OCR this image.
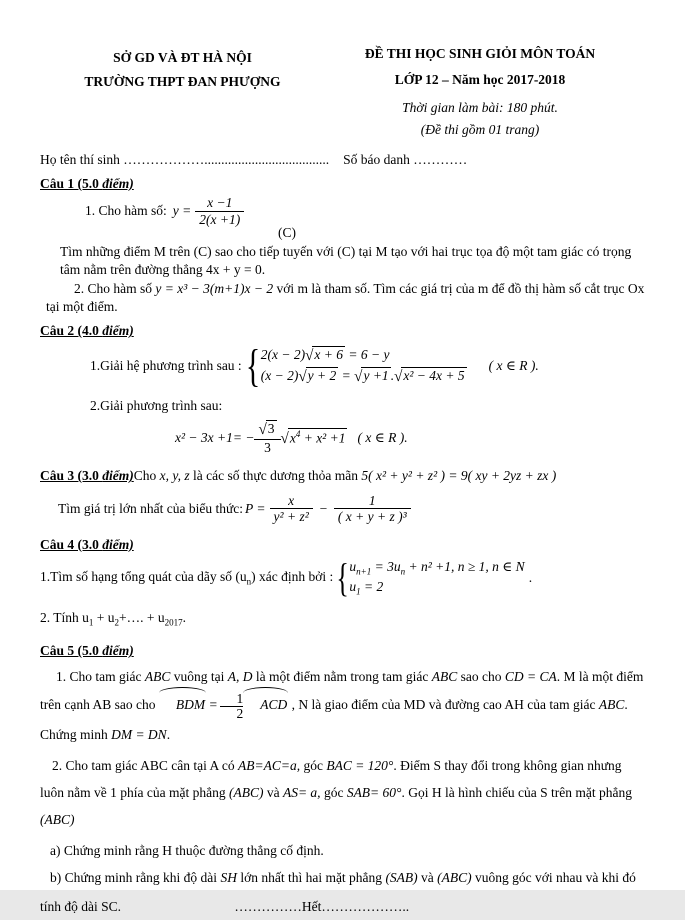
SỞ GD VÀ ĐT HÀ NỘI
TRƯỜNG THPT ĐAN PHƯỢNG
ĐỀ THI HỌC SINH GIỎI MÔN TOÁN
LỚP 12 – Năm học 2017-2018
Thời gian làm bài: 180 phút.
(Đề thi gồm 01 trang)
Họ tên thí sinh ………………..................................... Số báo danh …………
Câu 1 (5.0 điểm)
1. Cho hàm số: $y = \frac{x -1}{2(x +1)}$
(C)
Tìm những điểm M trên (C) sao cho tiếp tuyến với (C) tại M tạo với hai trục tọa độ một tam giác có trọng tâm nằm trên đường thẳng 4x + y = 0.
2. Cho hàm số y = x³ − 3(m+1)x − 2 với m là tham số. Tìm các giá trị của m để đồ thị hàm số cắt trục Ox tại một điểm.
Câu 2 (4.0 điểm)
1.Giải hệ phương trình sau : { 2(x − 2)√x + 6 = 6 − y
(x − 2)√y + 2 = √y +1 .√x² − 4x + 5
( x ∈ R ).
2.Giải phương trình sau:
$x^2 - 3x +1= - \frac{√3}{3} √x^4 + x^2 +1$ ( x ∈ R ).
Câu 3 (3.0 điểm)Cho x, y, z là các số thực dương thỏa mãn 5( x² + y² + z² ) = 9( xy + 2yz + zx )
Tìm giá trị lớn nhất của biểu thức: $P = \frac{x}{\text{y² + z²}} - \frac{1}{\text{( x + y + z )³}}$
Câu 4 (3.0 điểm)
1.Tìm số hạng tổng quát của dãy số $(u_n)$ xác định bởi : { $u_{n+1} = 3u_n + n^2 +1$, n ≥ 1, n ∈ N
$u_1 = 2$
.
2. Tính $u_1$ + $u_2+\dots$. + $u_{2017}$.
Câu 5 (5.0 điểm)
1. Cho tam giác ABC vuông tại A, D là một điểm nằm trong tam giác ABC sao cho CD = CA. M là một điểm trên cạnh AB sao cho BDM = $\frac{1}{2}$ ACD , N là giao điểm của MD và đường cao AH của tam giác ABC. Chứng minh DM = DN.
2. Cho tam giác ABC cân tại A có AB=AC=a, góc BAC = 120°. Điểm S thay đổi trong không gian nhưng luôn nằm về 1 phía của mặt phẳng (ABC) và AS= a, góc SAB= 60°. Gọi H là hình chiếu của S trên mặt phẳng (ABC)
a) Chứng minh rằng H thuộc đường thẳng cố định.
b) Chứng minh rằng khi độ dài SH lớn nhất thì hai mặt phẳng (SAB) và (ABC) vuông góc với nhau và khi đó
tính độ dài SC.	……………Hết………………..
